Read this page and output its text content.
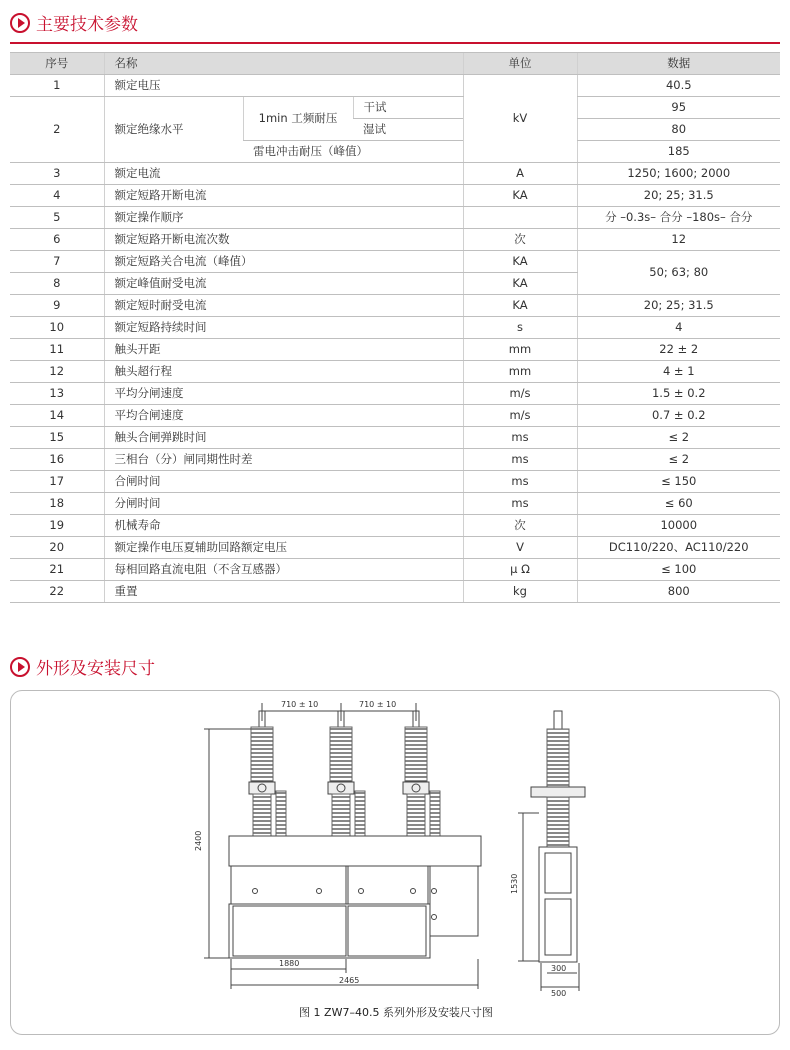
主要技术参数
序号	名称			单位	数据
1	额定电压			kV	40.5
2	额定绝缘水平	1min 工频耐压	干试		95
			湿试		80
		雷电冲击耐压（峰值）			185
3	额定电流			A	1250; 1600; 2000
4	额定短路开断电流			KA	20; 25; 31.5
5	额定操作顺序				分 –0.3s– 合分 –180s– 合分
6	额定短路开断电流次数			次	12
7	额定短路关合电流（峰值）			KA	50; 63; 80
8	额定峰值耐受电流			KA	
9	额定短时耐受电流			KA	20; 25; 31.5
10	额定短路持续时间			s	4
11	触头开距			mm	22 ± 2
12	触头超行程			mm	4 ± 1
13	平均分闸速度			m/s	1.5 ± 0.2
14	平均合闸速度			m/s	0.7 ± 0.2
15	触头合闸弹跳时间			ms	≤ 2
16	三相台（分）闸同期性时差			ms	≤ 2
17	合闸时间			ms	≤ 150
18	分闸时间			ms	≤ 60
19	机械寿命			次	10000
20	额定操作电压夏辅助回路额定电压			V	DC110/220、AC110/220
21	每相回路直流电阻（不含互感器）			μ Ω	≤ 100
22	重置			kg	800
外形及安装尺寸
710 ± 10	710 ± 10
2400
1880
2465
1530
300
500
图 1 ZW7–40.5 系列外形及安装尺寸图
